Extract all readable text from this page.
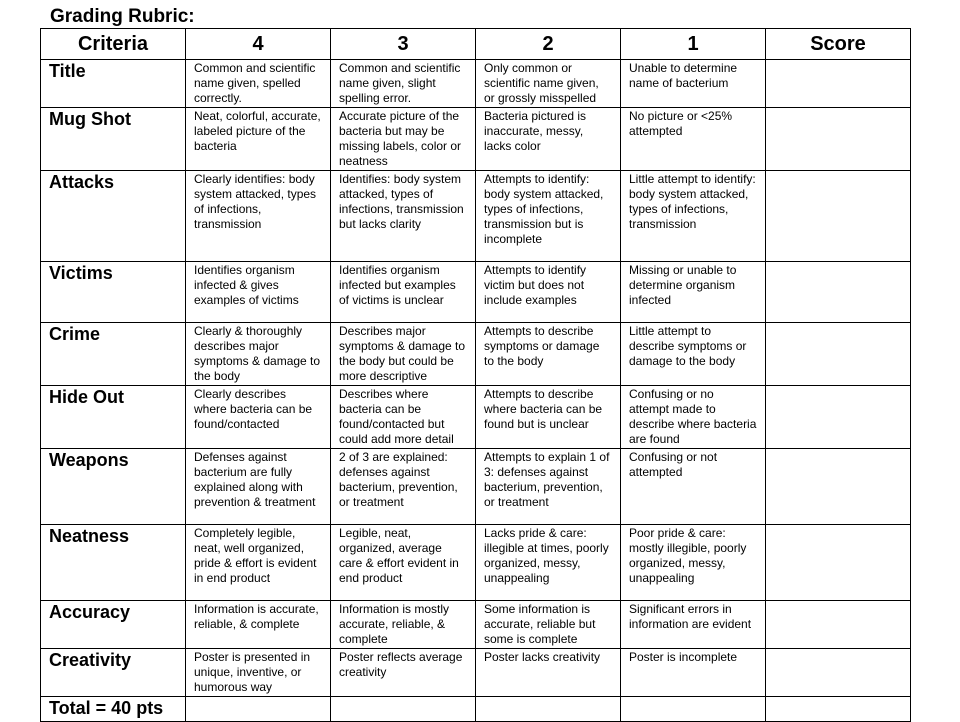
Grading Rubric:
Criteria	4	3	2	1	Score
Title	Common and scientific name given, spelled correctly.	Common and scientific name given, slight spelling error.	Only common or scientific name given, or grossly misspelled	Unable to determine name of bacterium	
Mug Shot	Neat, colorful, accurate, labeled picture of the bacteria	Accurate picture of the bacteria but may be missing labels, color or neatness	Bacteria pictured is inaccurate, messy, lacks color	No picture or <25% attempted	
Attacks	Clearly identifies: body system attacked, types of infections, transmission	Identifies: body system attacked, types of infections, transmission but lacks clarity	Attempts to identify: body system attacked, types of infections, transmission but is incomplete	Little attempt to identify: body system attacked, types of infections, transmission	
Victims	Identifies organism infected & gives examples of victims	Identifies organism infected but examples of victims is unclear	Attempts to identify victim but does not include examples	Missing or unable to determine organism infected	
Crime	Clearly & thoroughly describes major symptoms & damage to the body	Describes major symptoms & damage to the body but could be more descriptive	Attempts to describe symptoms or damage to the body	Little attempt to describe symptoms or damage to the body	
Hide Out	Clearly describes where bacteria can be found/contacted	Describes where bacteria can be found/contacted but could add more detail	Attempts to describe where bacteria can be found but is unclear	Confusing or no attempt made to describe where bacteria are found	
Weapons	Defenses against bacterium are fully explained along with prevention & treatment	2 of 3 are explained: defenses against bacterium, prevention, or treatment	Attempts to explain 1 of 3: defenses against bacterium, prevention, or treatment	Confusing or not attempted	
Neatness	Completely legible, neat, well organized, pride & effort is evident in end product	Legible, neat, organized, average care & effort evident in end product	Lacks pride & care: illegible at times, poorly organized, messy, unappealing	Poor pride & care: mostly illegible, poorly organized, messy, unappealing	
Accuracy	Information is accurate, reliable, & complete	Information is mostly accurate, reliable, & complete	Some information is accurate, reliable but some is complete	Significant errors in information are evident	
Creativity	Poster is presented in unique, inventive, or humorous way	Poster reflects average creativity	Poster lacks creativity	Poster is incomplete	
Total = 40 pts					
